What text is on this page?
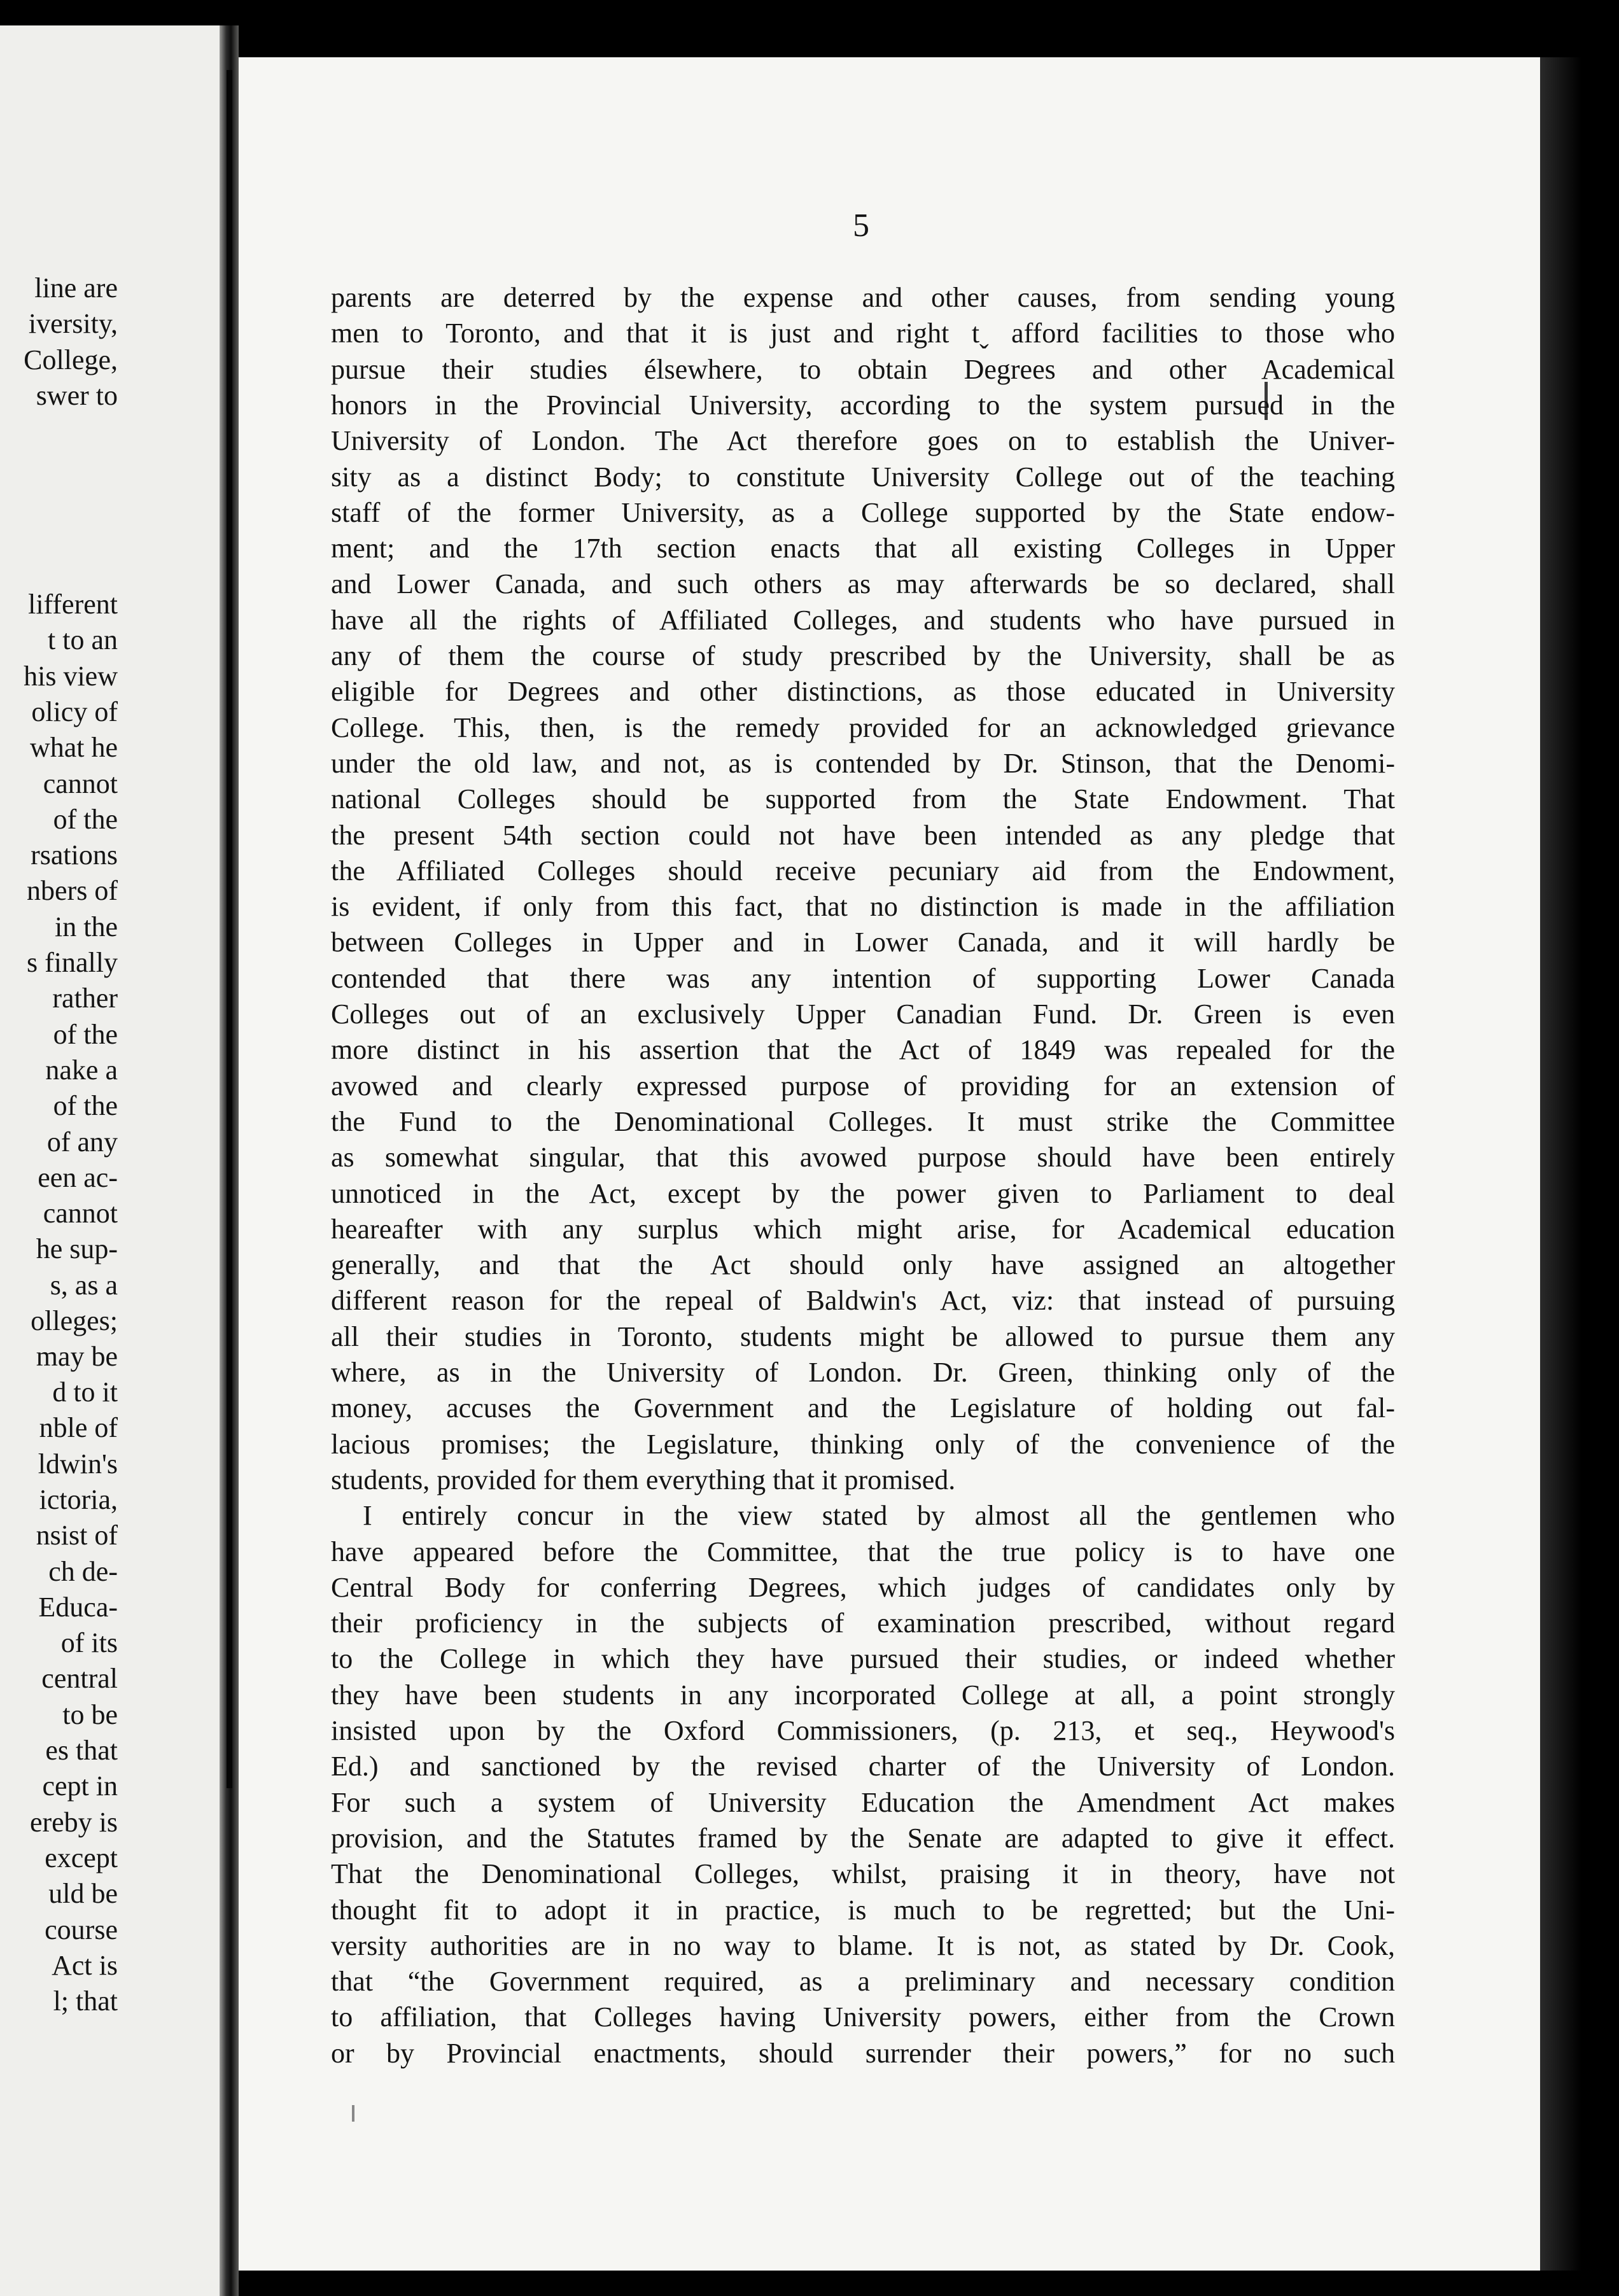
line are
iversity,
College,
swer to
lifferent
t to an
his view
olicy of
what he
cannot
of the
rsations
nbers of
in the
s finally
rather
of the
nake a
of the
of any
een ac-
cannot
he sup-
s, as a
olleges;
may be
d to it
nble of
ldwin's
ictoria,
nsist of
ch de-
Educa-
of its
central
to be
es that
cept in
ereby is
except
uld be
course
Act is
l; that
5
parents are deterred by the expense and other causes, from sending young
men to Toronto, and that it is just and right tˬ afford facilities to those who
pursue their studies élsewhere, to obtain Degrees and other Academical
honors in the Provincial University, according to the system pursued in the
University of London. The Act therefore goes on to establish the Univer-
sity as a distinct Body; to constitute University College out of the teaching
staff of the former University, as a College supported by the State endow-
ment; and the 17th section enacts that all existing Colleges in Upper
and Lower Canada, and such others as may afterwards be so declared, shall
have all the rights of Affiliated Colleges, and students who have pursued in
any of them the course of study prescribed by the University, shall be as
eligible for Degrees and other distinctions, as those educated in University
College. This, then, is the remedy provided for an acknowledged grievance
under the old law, and not, as is contended by Dr. Stinson, that the Denomi-
national Colleges should be supported from the State Endowment. That
the present 54th section could not have been intended as any pledge that
the Affiliated Colleges should receive pecuniary aid from the Endowment,
is evident, if only from this fact, that no distinction is made in the affiliation
between Colleges in Upper and in Lower Canada, and it will hardly be
contended that there was any intention of supporting Lower Canada
Colleges out of an exclusively Upper Canadian Fund. Dr. Green is even
more distinct in his assertion that the Act of 1849 was repealed for the
avowed and clearly expressed purpose of providing for an extension of
the Fund to the Denominational Colleges. It must strike the Committee
as somewhat singular, that this avowed purpose should have been entirely
unnoticed in the Act, except by the power given to Parliament to deal
heareafter with any surplus which might arise, for Academical education
generally, and that the Act should only have assigned an altogether
different reason for the repeal of Baldwin's Act, viz: that instead of pursuing
all their studies in Toronto, students might be allowed to pursue them any
where, as in the University of London. Dr. Green, thinking only of the
money, accuses the Government and the Legislature of holding out fal-
lacious promises; the Legislature, thinking only of the convenience of the
students, provided for them everything that it promised.
I entirely concur in the view stated by almost all the gentlemen who
have appeared before the Committee, that the true policy is to have one
Central Body for conferring Degrees, which judges of candidates only by
their proficiency in the subjects of examination prescribed, without regard
to the College in which they have pursued their studies, or indeed whether
they have been students in any incorporated College at all, a point strongly
insisted upon by the Oxford Commissioners, (p. 213, et seq., Heywood's
Ed.) and sanctioned by the revised charter of the University of London.
For such a system of University Education the Amendment Act makes
provision, and the Statutes framed by the Senate are adapted to give it effect.
That the Denominational Colleges, whilst, praising it in theory, have not
thought fit to adopt it in practice, is much to be regretted; but the Uni-
versity authorities are in no way to blame. It is not, as stated by Dr. Cook,
that “the Government required, as a preliminary and necessary condition
to affiliation, that Colleges having University powers, either from the Crown
or by Provincial enactments, should surrender their powers,” for no such
